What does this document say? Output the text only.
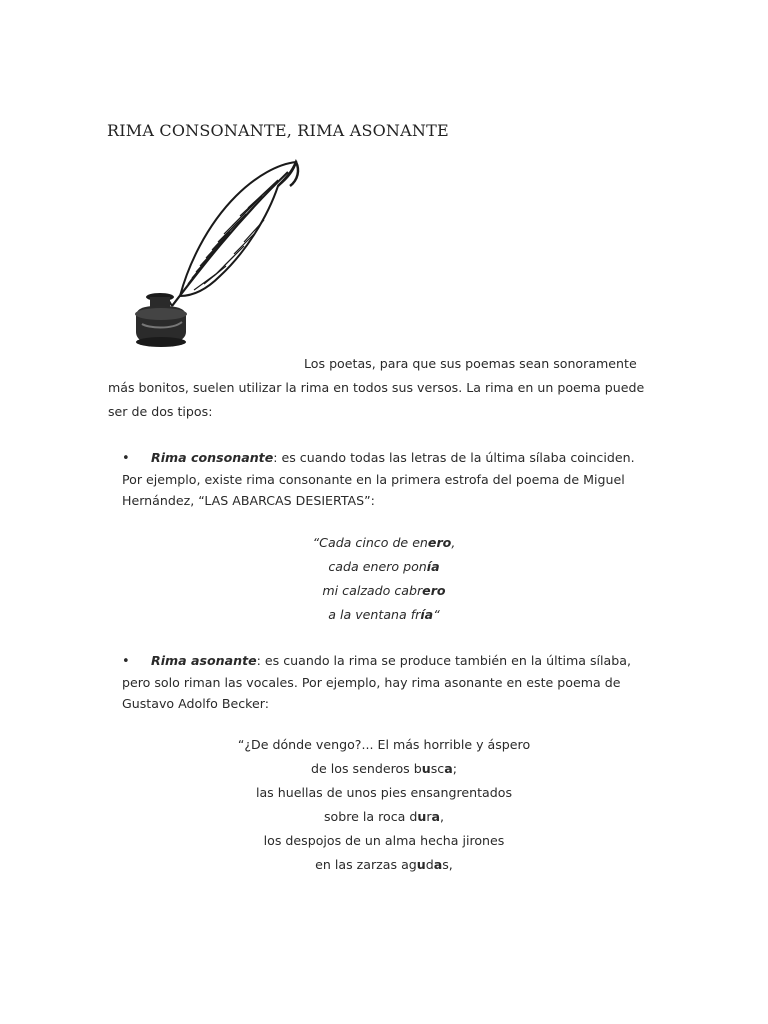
RIMA CONSONANTE, RIMA ASONANTE

Los poetas, para que sus poemas sean sonoramente más bonitos, suelen utilizar la rima en todos sus versos. La rima en un poema puede ser de dos tipos:

• Rima consonante: es cuando todas las letras de la última sílaba coinciden. Por ejemplo, existe rima consonante en la primera estrofa del poema de Miguel Hernández, “LAS ABARCAS DESIERTAS”:

“Cada cinco de enero,
cada enero ponía
mi calzado cabrero
a la ventana fría“

• Rima asonante: es cuando la rima se produce también en la última sílaba, pero solo riman las vocales. Por ejemplo, hay rima asonante en este poema de Gustavo Adolfo Becker:

“¿De dónde vengo?... El más horrible y áspero
de los senderos busca;
las huellas de unos pies ensangrentados
sobre la roca dura,
los despojos de un alma hecha jirones
en las zarzas agudas,
